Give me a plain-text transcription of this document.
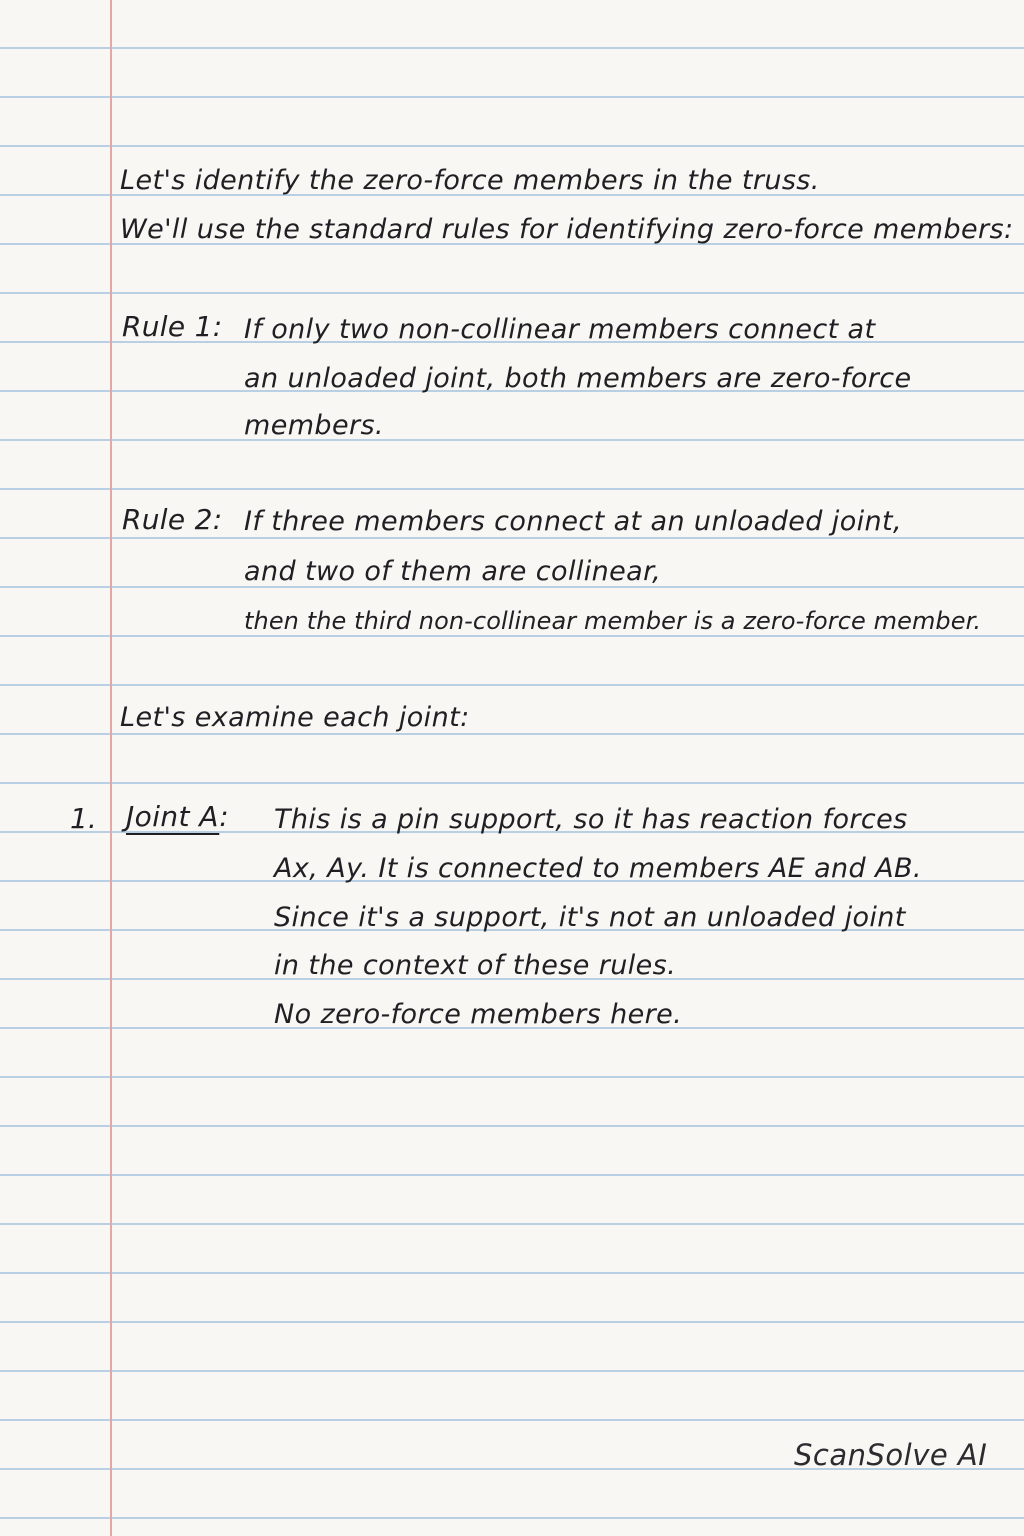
Let's identify the zero-force members in the truss.
We'll use the standard rules for identifying zero-force members:
Rule 1: If only two non-collinear members connect at
an unloaded joint, both members are zero-force
members.
Rule 2: If three members connect at an unloaded joint,
and two of them are collinear,
then the third non-collinear member is a zero-force member.
Let's examine each joint:
1. Joint A: This is a pin support, so it has reaction forces
Ax, Ay. It is connected to members AE and AB.
Since it's a support, it's not an unloaded joint
in the context of these rules.
No zero-force members here.
ScanSolve AI
